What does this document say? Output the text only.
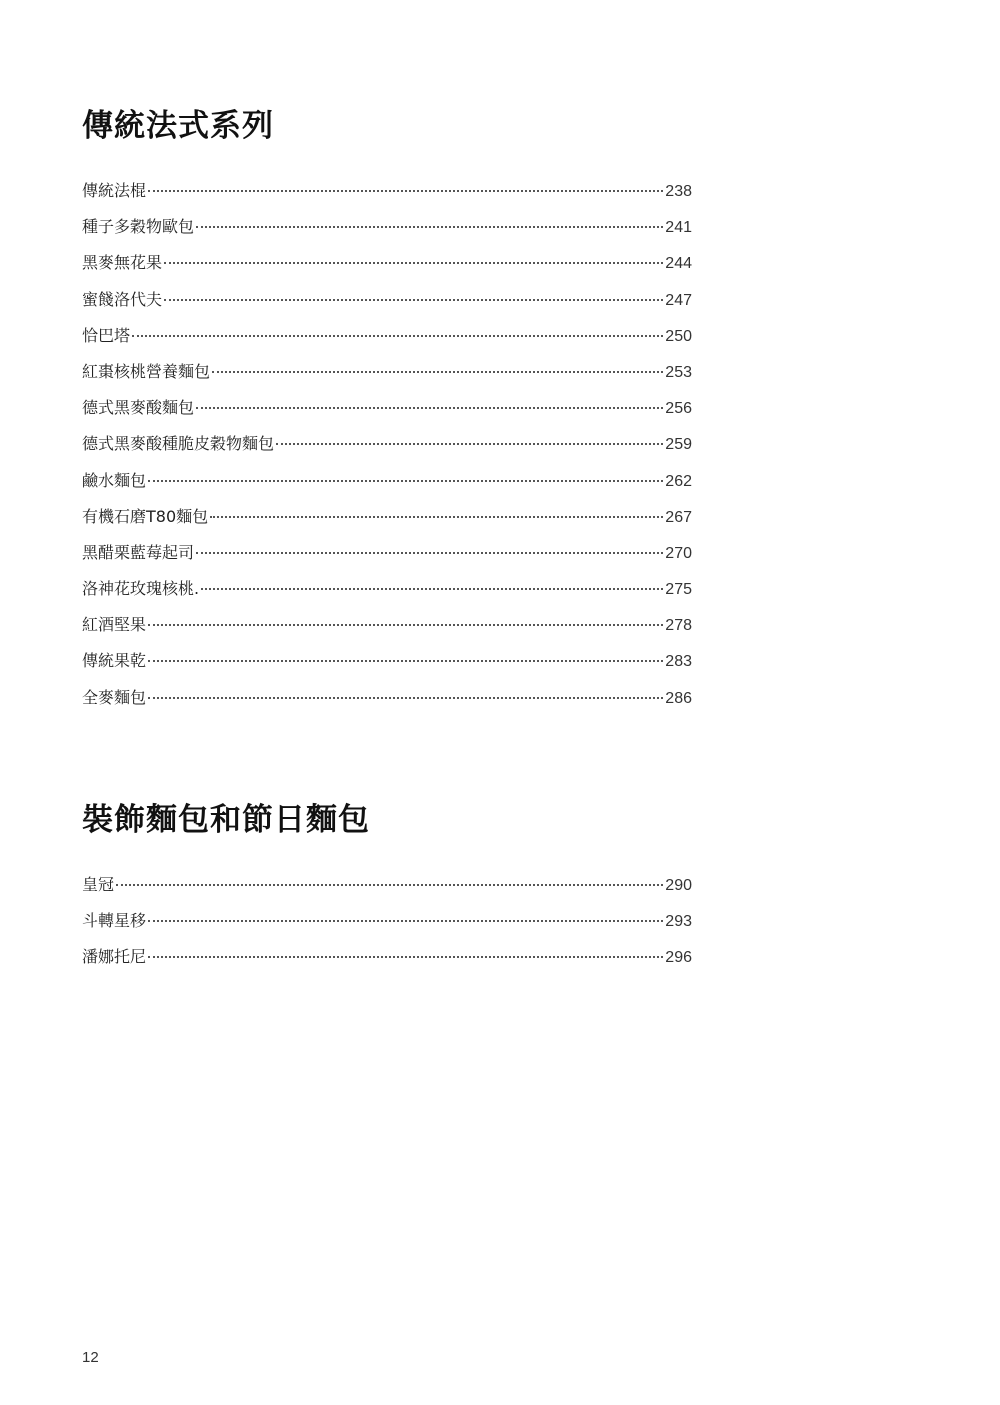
傳統法式系列
傳統法棍	238
種子多穀物歐包	241
黑麥無花果	244
蜜餞洛代夫	247
恰巴塔	250
紅棗核桃營養麵包	253
德式黑麥酸麵包	256
德式黑麥酸種脆皮穀物麵包	259
鹼水麵包	262
有機石磨T80麵包	267
黑醋栗藍莓起司	270
洛神花玫瑰核桃.	275
紅酒堅果	278
傳統果乾	283
全麥麵包	286
裝飾麵包和節日麵包
皇冠	290
斗轉星移	293
潘娜托尼	296
12
